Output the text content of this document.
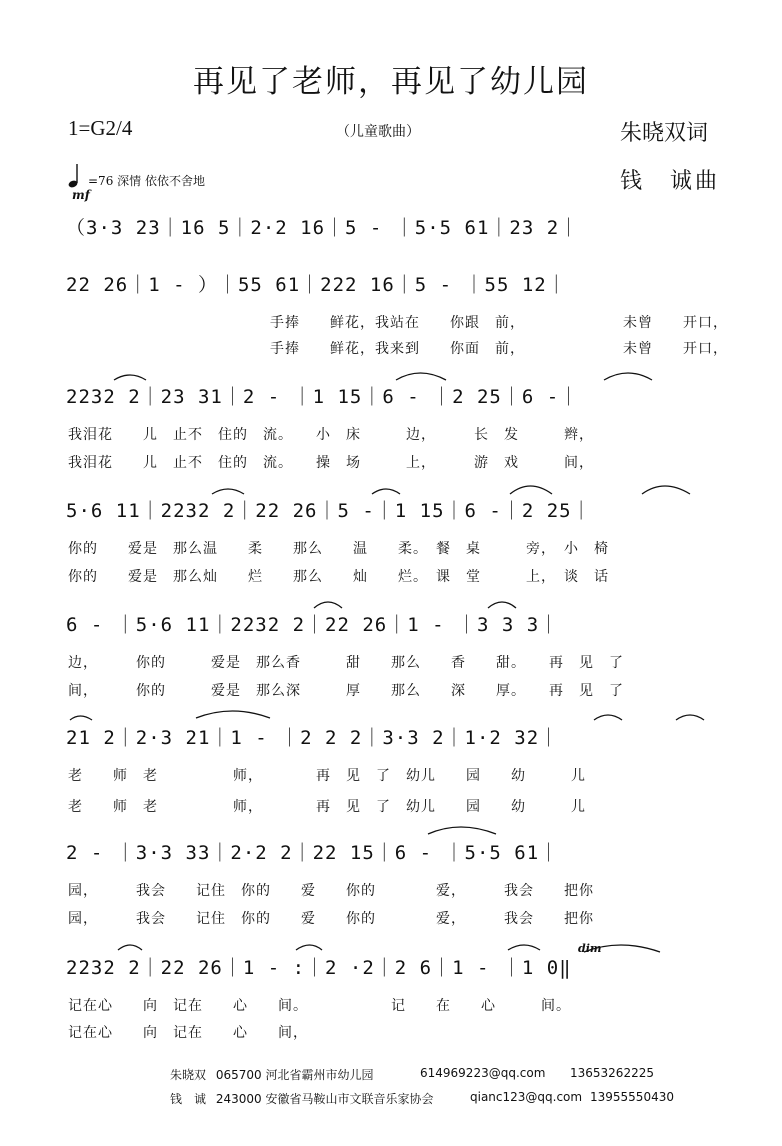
再见了老师，再见了幼儿园
1=G2/4	（儿童歌曲）	朱晓双词
钱　诚曲
=76 深情 依依不舍地
mf
dim
（3·3 23｜16 5｜2·2 16｜5 - ｜5·5 61｜23 2｜
22 26｜1 - ）｜55 61｜222 16｜5 - ｜55 12｜
手捧　　鲜花，我站在　　你跟　前，　　　　　　　未曾　　开口，
手捧　　鲜花，我来到　　你面　前，　　　　　　　未曾　　开口，
2232 2｜23 31｜2 - ｜1 15｜6 - ｜2 25｜6 -｜
我泪花　　儿　止不　住的　流。　　小　床　　　边，　　　长　发　　　辫，
我泪花　　儿　止不　住的　流。　　操　场　　　上，　　　游　戏　　　间，
5·6 11｜2232 2｜22 26｜5 -｜1 15｜6 -｜2 25｜
你的　　爱是　那么温　　柔　　那么　　温　　柔。　餐　桌　　　旁，　小　椅
你的　　爱是　那么灿　　烂　　那么　　灿　　烂。　课　堂　　　上，　谈　话
6 - ｜5·6 11｜2232 2｜22 26｜1 - ｜3 3 3｜
边，　　　你的　　　爱是　那么香　　　甜　　那么　　香　　甜。　　再　见　了
间，　　　你的　　　爱是　那么深　　　厚　　那么　　深　　厚。　　再　见　了
21 2｜2·3 21｜1 - ｜2 2 2｜3·3 2｜1·2 32｜
老　　师　老　　　　　师，　　　　再　见　了　幼儿　　园　　幼　　　儿
老　　师　老　　　　　师，　　　　再　见　了　幼儿　　园　　幼　　　儿
2 - ｜3·3 33｜2·2 2｜22 15｜6 - ｜5·5 61｜
园，　　　我会　　记住　你的　　爱　　你的　　　　爱，　　　我会　　把你
园，　　　我会　　记住　你的　　爱　　你的　　　　爱，　　　我会　　把你
2232 2｜22 26｜1 - :｜2 ·2｜2 6｜1 - ｜1 0‖
记在心　　向　记在　　心　　间。　　　　　　记　　在　　心　　　间。
记在心　　向　记在　　心　　间，
朱晓双 065700 河北省霸州市幼儿园	614969223@qq.com 13653262225
钱　诚 243000 安徽省马鞍山市文联音乐家协会	qianc123@qq.com 13955550430
